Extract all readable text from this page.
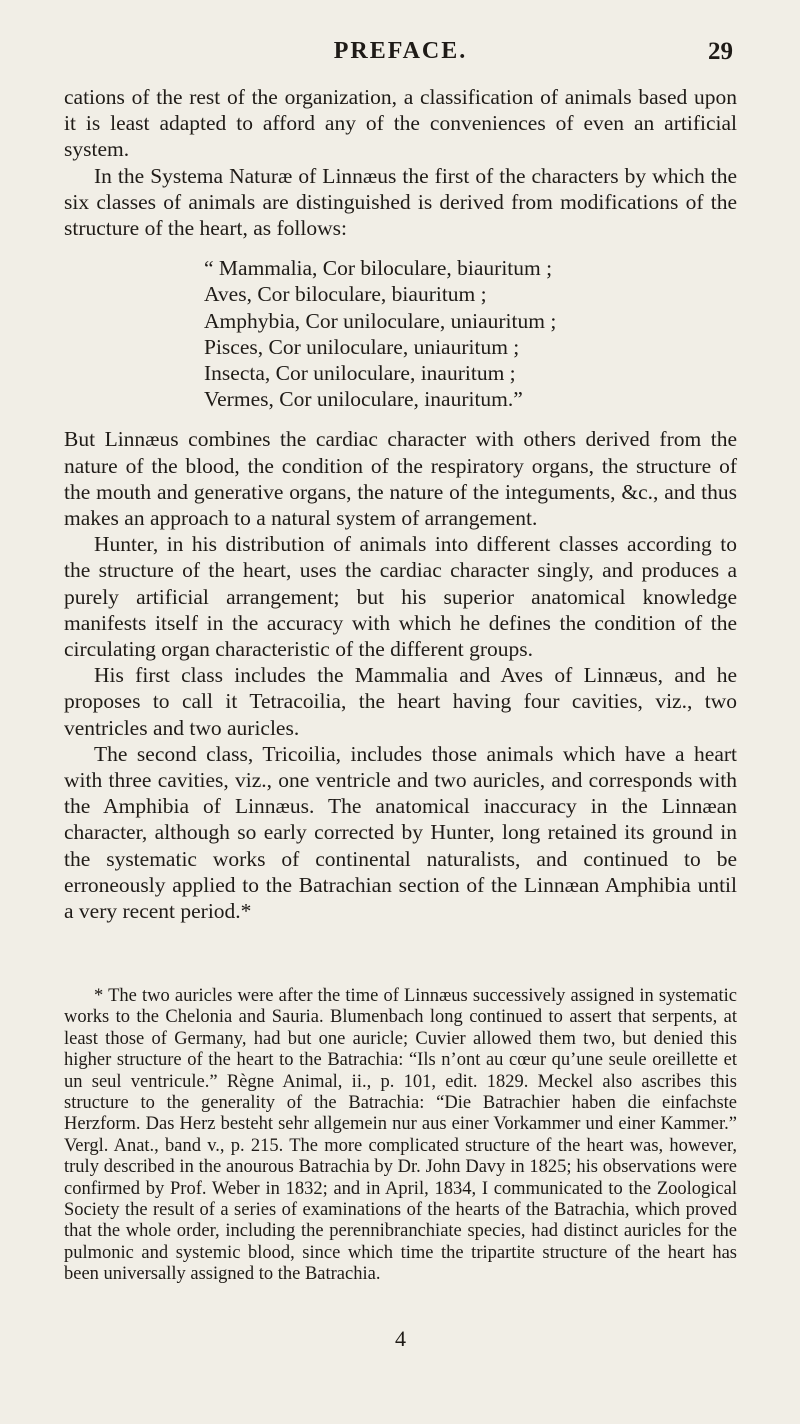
PREFACE.	29

cations of the rest of the organization, a classification of animals based upon it is least adapted to afford any of the conveniences of even an artificial system.

In the Systema Naturæ of Linnæus the first of the characters by which the six classes of animals are distinguished is derived from modifications of the structure of the heart, as follows:

“ Mammalia, Cor biloculare, biauritum ;
Aves, Cor biloculare, biauritum ;
Amphybia, Cor uniloculare, uniauritum ;
Pisces, Cor uniloculare, uniauritum ;
Insecta, Cor uniloculare, inauritum ;
Vermes, Cor uniloculare, inauritum.”

But Linnæus combines the cardiac character with others derived from the nature of the blood, the condition of the respiratory organs, the structure of the mouth and generative organs, the nature of the integuments, &c., and thus makes an approach to a natural system of arrangement.

Hunter, in his distribution of animals into different classes according to the structure of the heart, uses the cardiac character singly, and produces a purely artificial arrangement; but his superior anatomical knowledge manifests itself in the accuracy with which he defines the condition of the circulating organ characteristic of the different groups.

His first class includes the Mammalia and Aves of Linnæus, and he proposes to call it Tetracoilia, the heart having four cavities, viz., two ventricles and two auricles.

The second class, Tricoilia, includes those animals which have a heart with three cavities, viz., one ventricle and two auricles, and corresponds with the Amphibia of Linnæus. The anatomical inaccuracy in the Linnæan character, although so early corrected by Hunter, long retained its ground in the systematic works of continental naturalists, and continued to be erroneously applied to the Batrachian section of the Linnæan Amphibia until a very recent period.*

* The two auricles were after the time of Linnæus successively assigned in systematic works to the Chelonia and Sauria. Blumenbach long continued to assert that serpents, at least those of Germany, had but one auricle; Cuvier allowed them two, but denied this higher structure of the heart to the Batrachia: “Ils n’ont au cœur qu’une seule oreillette et un seul ventricule.” Règne Animal, ii., p. 101, edit. 1829. Meckel also ascribes this structure to the generality of the Batrachia: “Die Batrachier haben die einfachste Herzform. Das Herz besteht sehr allgemein nur aus einer Vorkammer und einer Kammer.” Vergl. Anat., band v., p. 215. The more complicated structure of the heart was, however, truly described in the anourous Batrachia by Dr. John Davy in 1825; his observations were confirmed by Prof. Weber in 1832; and in April, 1834, I communicated to the Zoological Society the result of a series of examinations of the hearts of the Batrachia, which proved that the whole order, including the perennibranchiate species, had distinct auricles for the pulmonic and systemic blood, since which time the tripartite structure of the heart has been universally assigned to the Batrachia.

4
